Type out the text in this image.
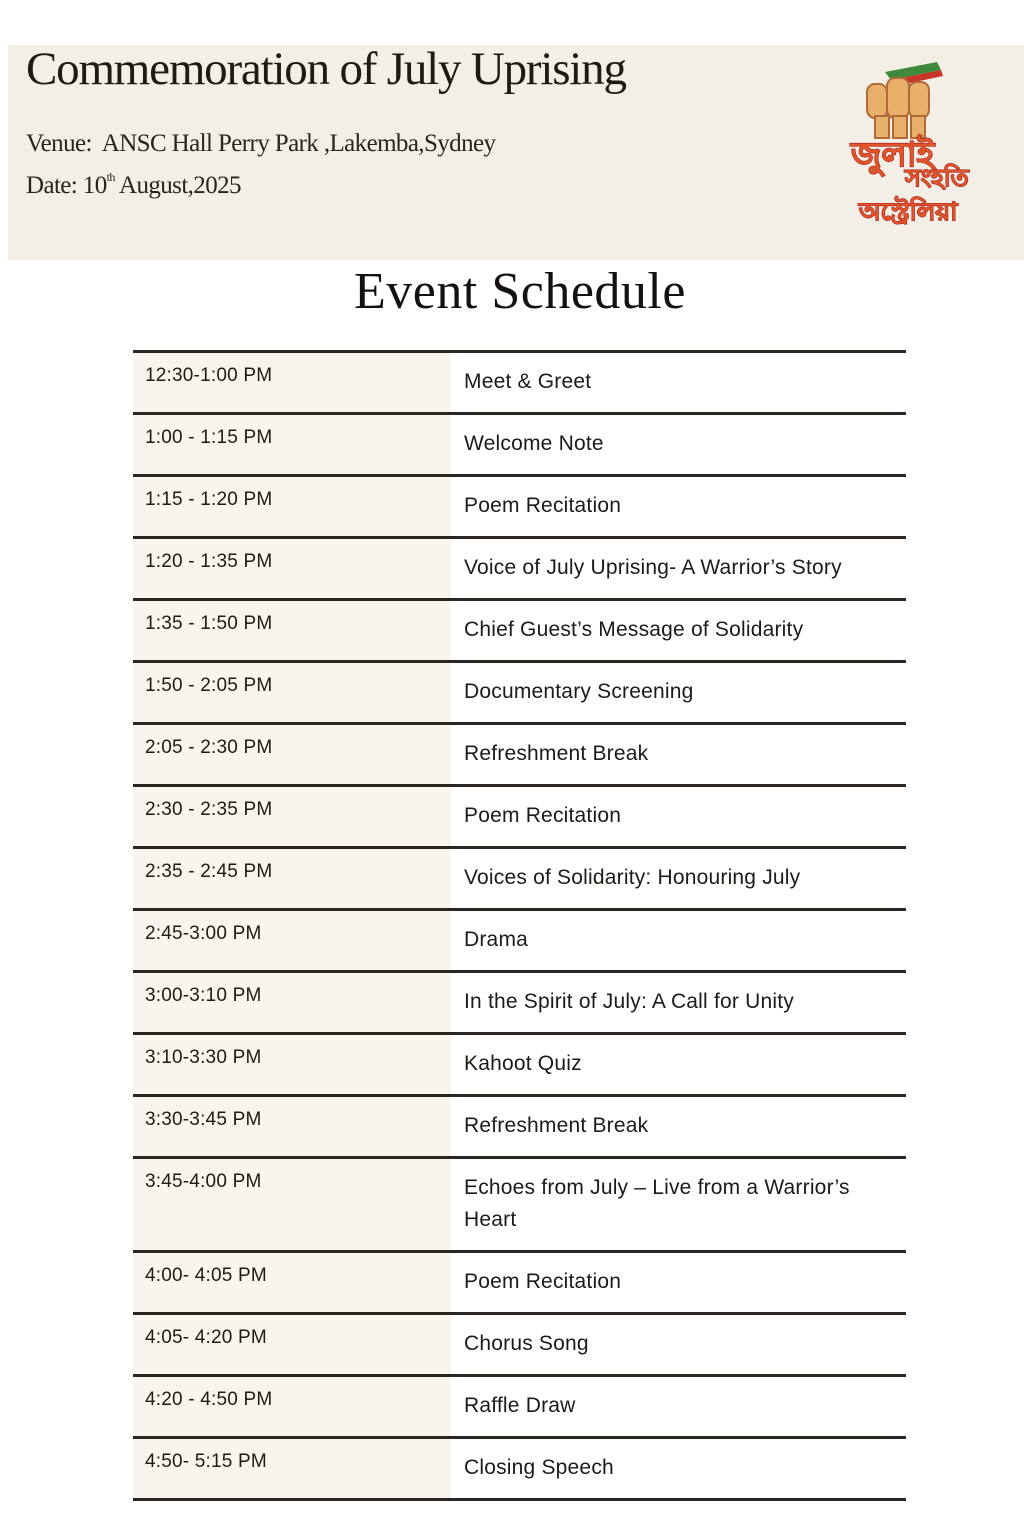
Commemoration of July Uprising
Venue: ANSC Hall Perry Park ,Lakemba,Sydney
Date: 10th August,2025
জুলাই
সংহতি
অস্ট্রেলিয়া
Event Schedule
12:30-1:00 PM	Meet & Greet
1:00 - 1:15 PM	Welcome Note
1:15 - 1:20 PM	Poem Recitation
1:20 - 1:35 PM	Voice of July Uprising- A Warrior’s Story
1:35 - 1:50 PM	Chief Guest’s Message of Solidarity
1:50 - 2:05 PM	Documentary Screening
2:05 - 2:30 PM	Refreshment Break
2:30 - 2:35 PM	Poem Recitation
2:35 - 2:45 PM	Voices of Solidarity: Honouring July
2:45-3:00 PM	Drama
3:00-3:10 PM	In the Spirit of July: A Call for Unity
3:10-3:30 PM	Kahoot Quiz
3:30-3:45 PM	Refreshment Break
3:45-4:00 PM	Echoes from July – Live from a Warrior’s Heart
4:00- 4:05 PM	Poem Recitation
4:05- 4:20 PM	Chorus Song
4:20 - 4:50 PM	Raffle Draw
4:50- 5:15 PM	Closing Speech
